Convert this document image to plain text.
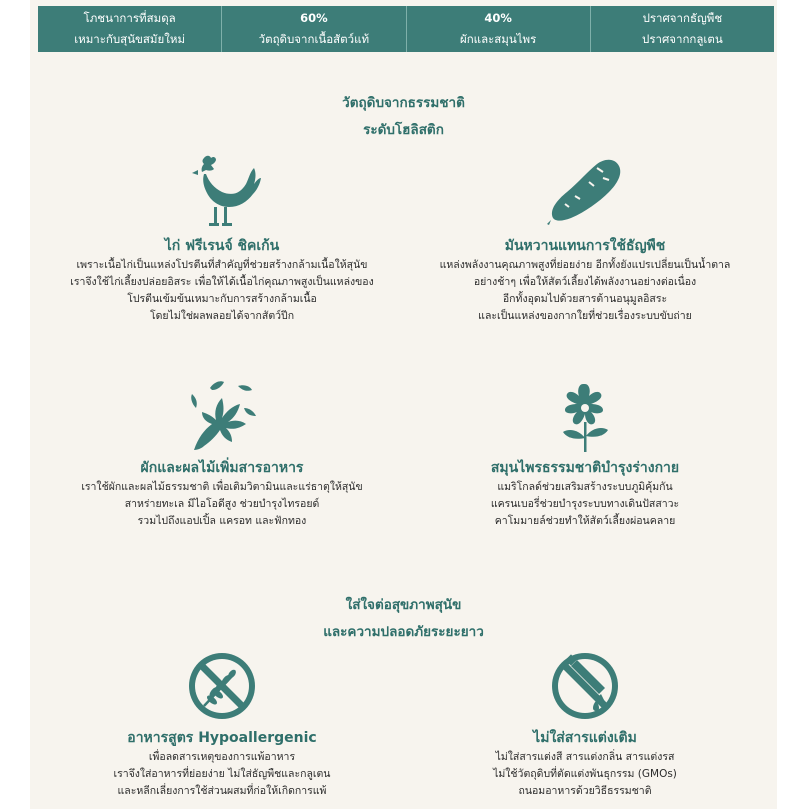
โภชนาการที่สมดุล
เหมาะกับสุนัขสมัยใหม่
60%
วัตถุดิบจากเนื้อสัตว์แท้
40%
ผักและสมุนไพร
ปราศจากธัญพืช
ปราศจากกลูเตน
วัตถุดิบจากธรรมชาติ
ระดับโฮลิสติก
ไก่ ฟรีเรนจ์ ชิคเก้น
เพราะเนื้อไก่เป็นแหล่งโปรตีนที่สำคัญที่ช่วยสร้างกล้ามเนื้อให้สุนัข
เราจึงใช้ไก่เลี้ยงปล่อยอิสระ เพื่อให้ได้เนื้อไก่คุณภาพสูงเป็นแหล่งของ
โปรตีนเข้มข้นเหมาะกับการสร้างกล้ามเนื้อ
โดยไม่ใช่ผลพลอยได้จากสัตว์ปีก
มันหวานแทนการใช้ธัญพืช
แหล่งพลังงานคุณภาพสูงที่ย่อยง่าย อีกทั้งยังแปรเปลี่ยนเป็นน้ำตาล
อย่างช้าๆ เพื่อให้สัตว์เลี้ยงได้พลังงานอย่างต่อเนื่อง
อีกทั้งอุดมไปด้วยสารต้านอนุมูลอิสระ
และเป็นแหล่งของกากใยที่ช่วยเรื่องระบบขับถ่าย
ผักและผลไม้เพิ่มสารอาหาร
เราใช้ผักและผลไม้ธรรมชาติ เพื่อเติมวิตามินและแร่ธาตุให้สุนัข
สาหร่ายทะเล มีไอโอดีสูง ช่วยบำรุงไทรอยด์
รวมไปถึงแอปเปิ้ล แครอท และฟักทอง
สมุนไพรธรรมชาติบำรุงร่างกาย
แมริโกลด์ช่วยเสริมสร้างระบบภูมิคุ้มกัน
แครนเบอรี่ช่วยบำรุงระบบทางเดินปัสสาวะ
คาโมมายล์ช่วยทำให้สัตว์เลี้ยงผ่อนคลาย
ใส่ใจต่อสุขภาพสุนัข
และความปลอดภัยระยะยาว
อาหารสูตร Hypoallergenic
เพื่อลดสารเหตุของการแพ้อาหาร
เราจึงใส่อาหารที่ย่อยง่าย ไม่ใส่ธัญพืชและกลูเตน
และหลีกเลี่ยงการใช้ส่วนผสมที่ก่อให้เกิดการแพ้
ไม่ใส่สารแต่งเติม
ไม่ใส่สารแต่งสี สารแต่งกลิ่น สารแต่งรส
ไม่ใช้วัตถุดิบที่ตัดแต่งพันธุกรรม (GMOs)
ถนอมอาหารด้วยวิธีธรรมชาติ
